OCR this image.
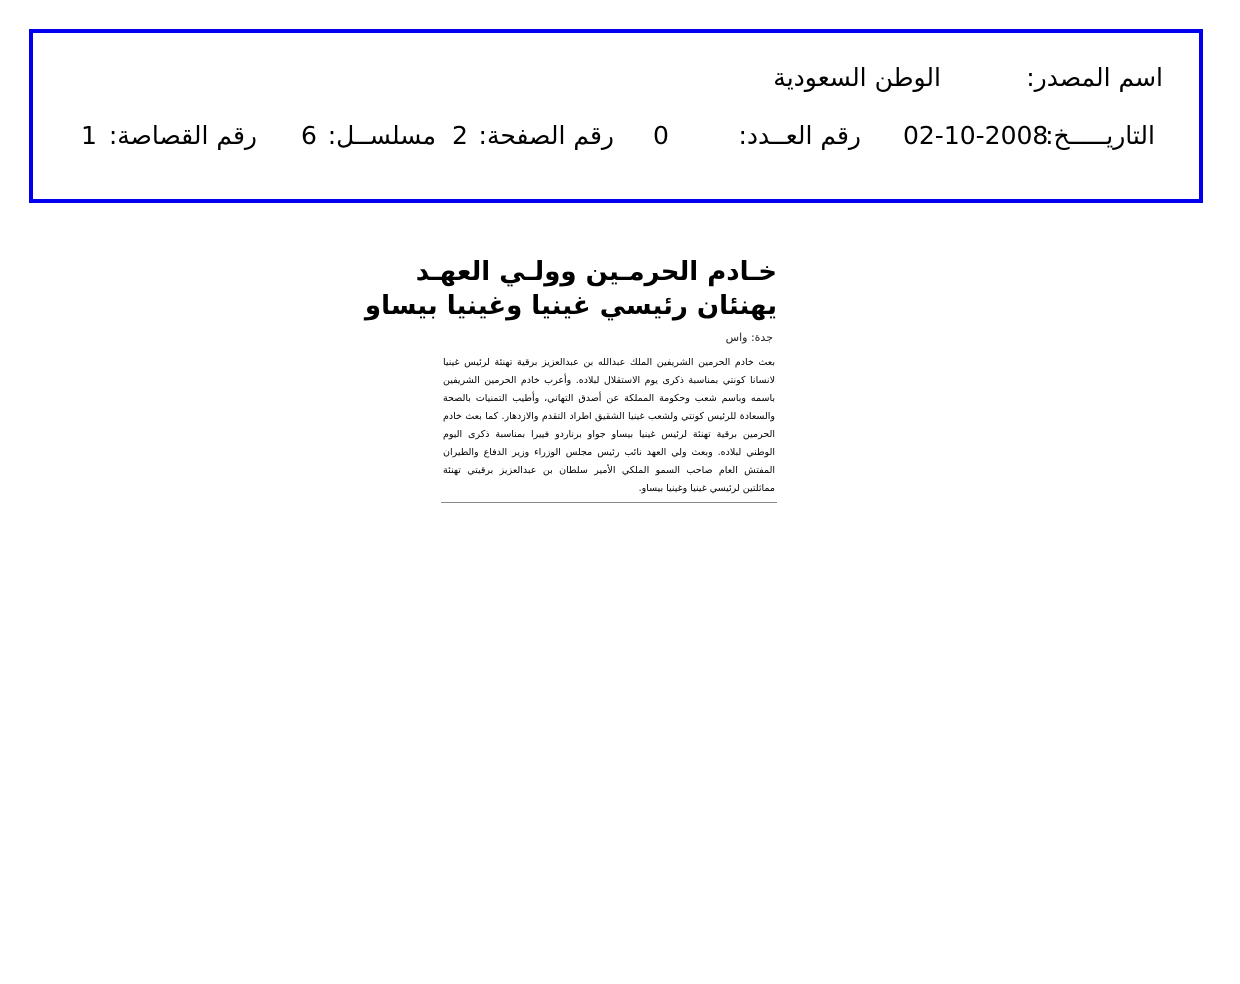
اسم المصدر:
الوطن السعودية
التاريـــــخ:
02-10-2008
رقم العــدد:
0
رقم الصفحة:
2
مسلســل:
6
رقم القصاصة:
1
خـادم الحرمـين وولـي العهـد
يهنئان رئيسي غينيا وغينيا بيساو
جدة: واس
بعث خادم الحرمين الشريفين الملك عبدالله بن عبدالعزيز برقية تهنئة لرئيس غينيا لانسانا كونتي بمناسبة ذكرى يوم الاستقلال لبلاده. وأعرب خادم الحرمين الشريفين باسمه وباسم شعب وحكومة المملكة عن أصدق التهاني، وأطيب التمنيات بالصحة والسعادة للرئيس كونتي ولشعب غينيا الشقيق اطراد التقدم والازدهار. كما بعث خادم الحرمين برقية تهنئة لرئيس غينيا بيساو جواو برناردو فييرا بمناسبة ذكرى اليوم الوطني لبلاده. وبعث ولي العهد نائب رئيس مجلس الوزراء وزير الدفاع والطيران المفتش العام صاحب السمو الملكي الأمير سلطان بن عبدالعزيز برقيتي تهنئة مماثلتين لرئيسي غينيا وغينيا بيساو.
